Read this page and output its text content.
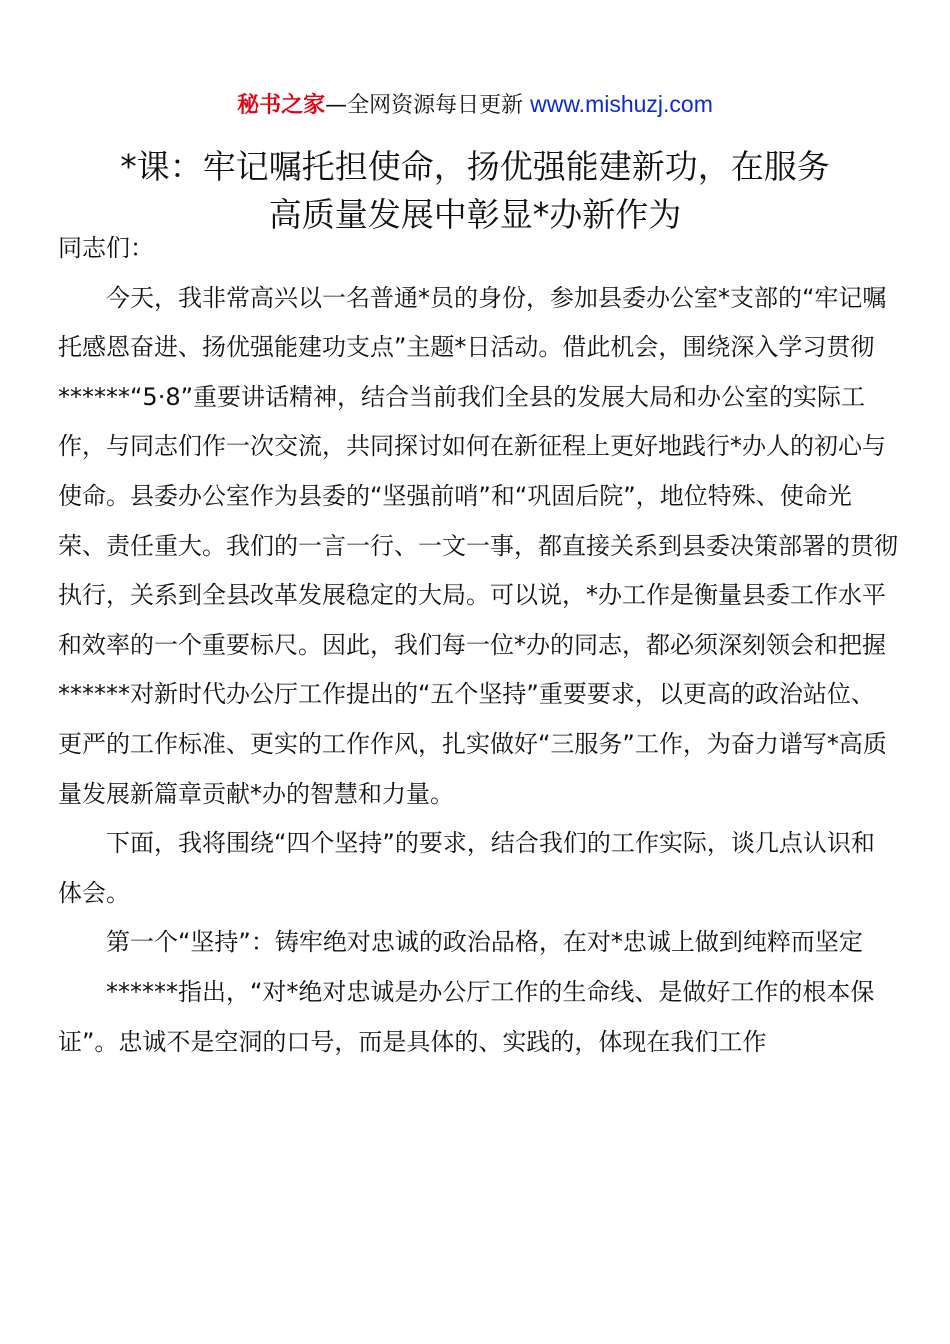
秘书之家—全网资源每日更新 www.mishuzj.com
*课：牢记嘱托担使命，扬优强能建新功，在服务
高质量发展中彰显*办新作为

同志们：

今天，我非常高兴以一名普通*员的身份，参加县委办公室*支部的“牢记嘱托感恩奋进、扬优强能建功支点”主题*日活动。借此机会，围绕深入学习贯彻******“5·8”重要讲话精神，结合当前我们全县的发展大局和办公室的实际工作，与同志们作一次交流，共同探讨如何在新征程上更好地践行*办人的初心与使命。县委办公室作为县委的“坚强前哨”和“巩固后院”，地位特殊、使命光荣、责任重大。我们的一言一行、一文一事，都直接关系到县委决策部署的贯彻执行，关系到全县改革发展稳定的大局。可以说，*办工作是衡量县委工作水平和效率的一个重要标尺。因此，我们每一位*办的同志，都必须深刻领会和把握******对新时代办公厅工作提出的“五个坚持”重要要求，以更高的政治站位、更严的工作标准、更实的工作作风，扎实做好“三服务”工作，为奋力谱写*高质量发展新篇章贡献*办的智慧和力量。

下面，我将围绕“四个坚持”的要求，结合我们的工作实际，谈几点认识和体会。

第一个“坚持”：铸牢绝对忠诚的政治品格，在对*忠诚上做到纯粹而坚定

******指出，“对*绝对忠诚是办公厅工作的生命线、是做好工作的根本保证”。忠诚不是空洞的口号，而是具体的、实践的，体现在我们工作
